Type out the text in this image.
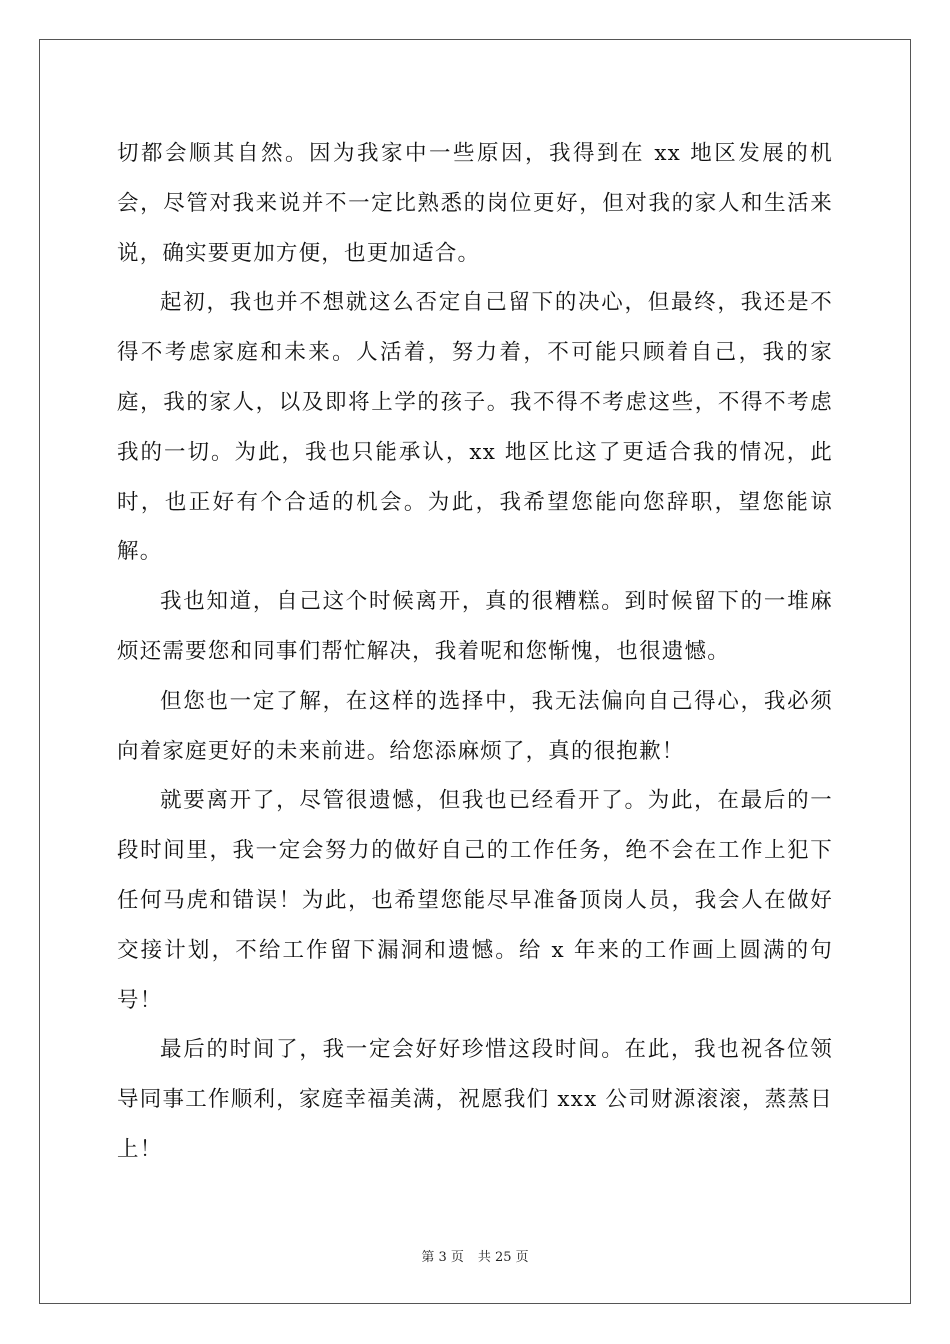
切都会顺其自然。因为我家中一些原因，我得到在 xx 地区发展的机会，尽管对我来说并不一定比熟悉的岗位更好，但对我的家人和生活来说，确实要更加方便，也更加适合。

起初，我也并不想就这么否定自己留下的决心，但最终，我还是不得不考虑家庭和未来。人活着，努力着，不可能只顾着自己，我的家庭，我的家人，以及即将上学的孩子。我不得不考虑这些，不得不考虑我的一切。为此，我也只能承认，xx 地区比这了更适合我的情况，此时，也正好有个合适的机会。为此，我希望您能向您辞职，望您能谅解。

我也知道，自己这个时候离开，真的很糟糕。到时候留下的一堆麻烦还需要您和同事们帮忙解决，我着呢和您惭愧，也很遗憾。

但您也一定了解，在这样的选择中，我无法偏向自己得心，我必须向着家庭更好的未来前进。给您添麻烦了，真的很抱歉！

就要离开了，尽管很遗憾，但我也已经看开了。为此，在最后的一段时间里，我一定会努力的做好自己的工作任务，绝不会在工作上犯下任何马虎和错误！为此，也希望您能尽早准备顶岗人员，我会人在做好交接计划，不给工作留下漏洞和遗憾。给 x 年来的工作画上圆满的句号！

最后的时间了，我一定会好好珍惜这段时间。在此，我也祝各位领导同事工作顺利，家庭幸福美满，祝愿我们 xxx 公司财源滚滚，蒸蒸日上！

第 3 页 共 25 页
